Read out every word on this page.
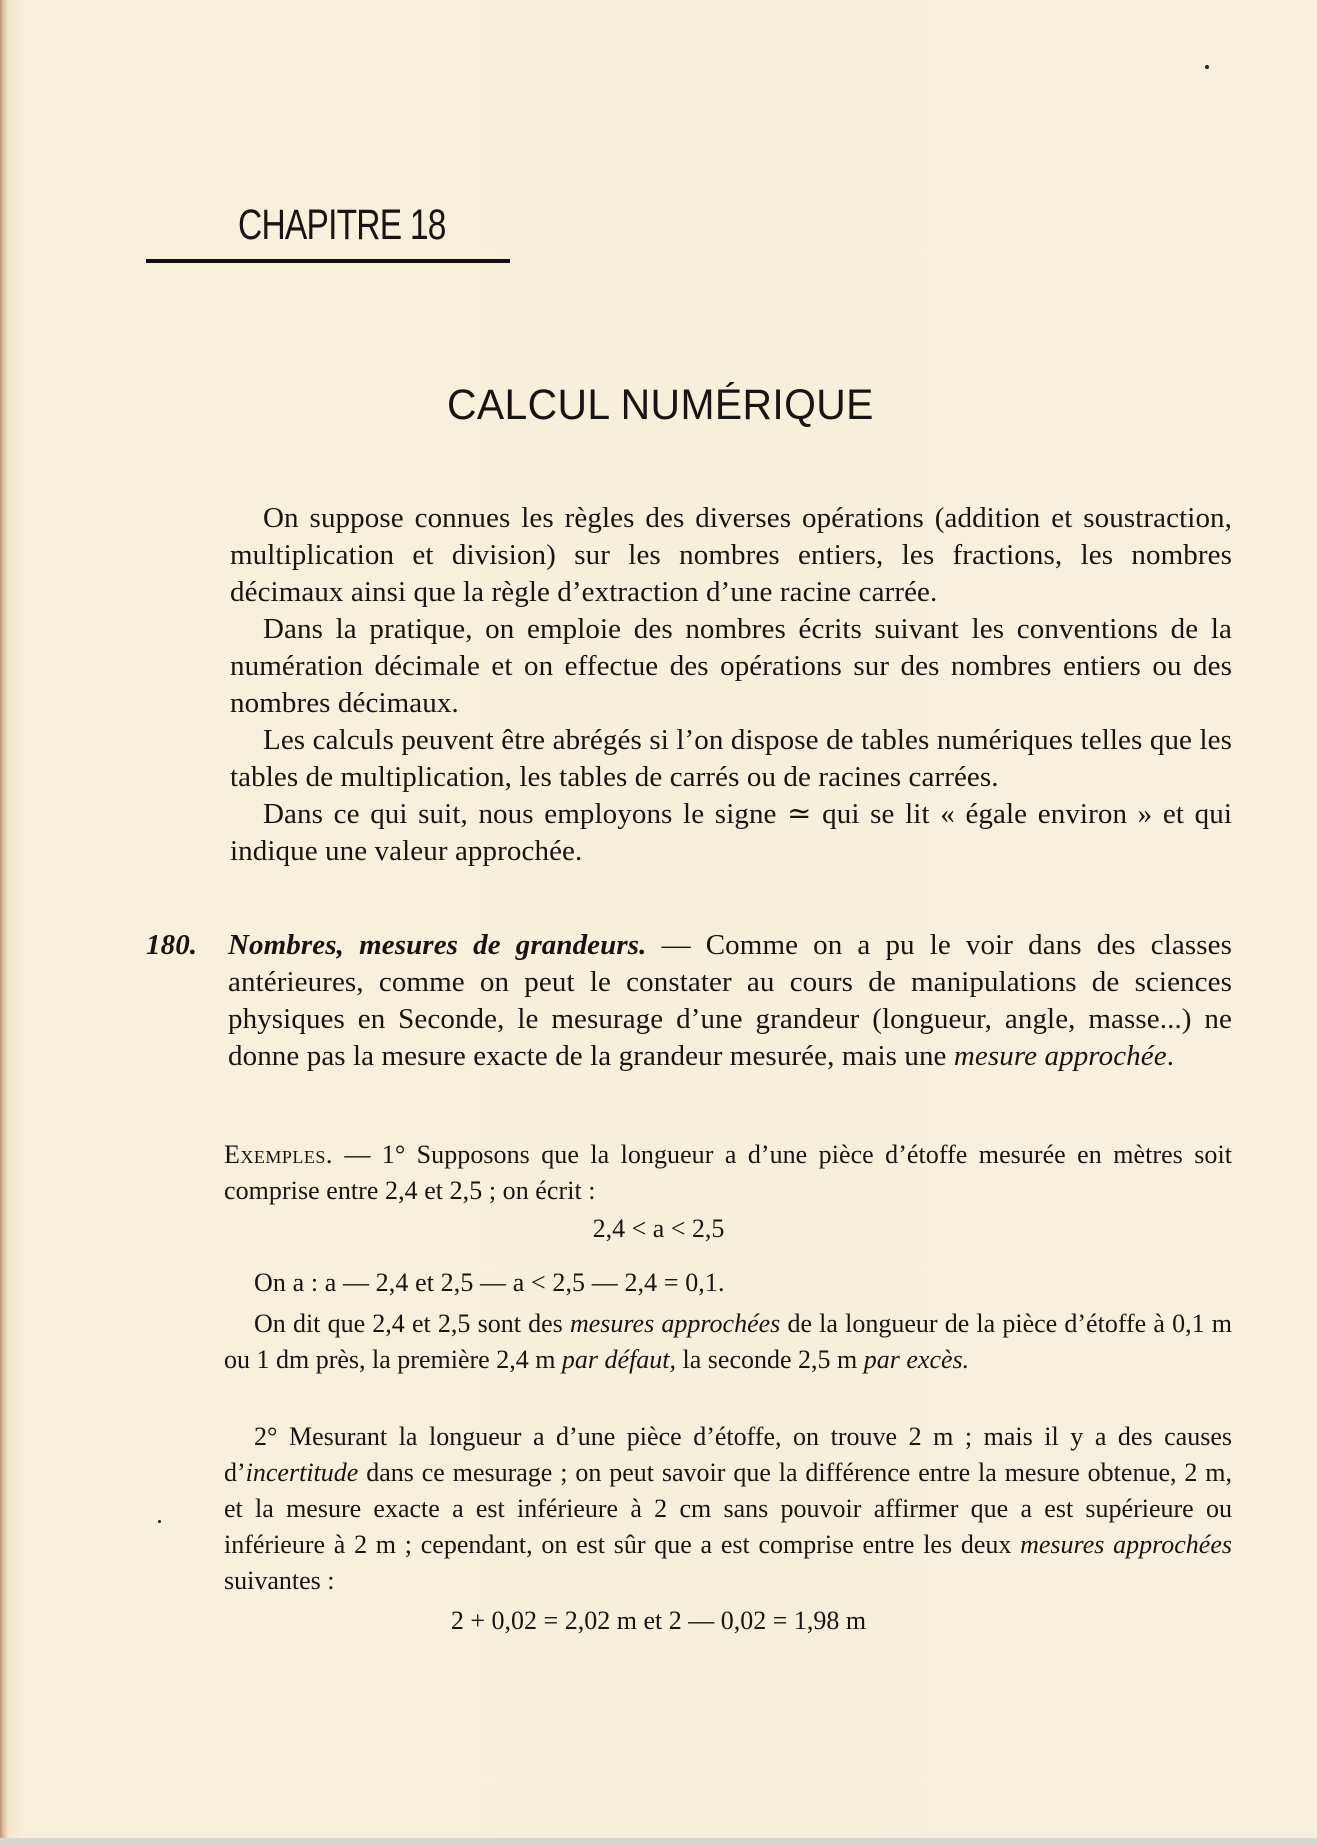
CHAPITRE 18
CALCUL NUMÉRIQUE

On suppose connues les règles des diverses opérations (addition et soustraction, multiplication et division) sur les nombres entiers, les fractions, les nombres décimaux ainsi que la règle d’extraction d’une racine carrée.

Dans la pratique, on emploie des nombres écrits suivant les conventions de la numération décimale et on effectue des opérations sur des nombres entiers ou des nombres décimaux.

Les calculs peuvent être abrégés si l’on dispose de tables numériques telles que les tables de multiplication, les tables de carrés ou de racines carrées.

Dans ce qui suit, nous employons le signe ≃ qui se lit « égale environ » et qui indique une valeur approchée.

180. Nombres, mesures de grandeurs. — Comme on a pu le voir dans des classes antérieures, comme on peut le constater au cours de manipulations de sciences physiques en Seconde, le mesurage d’une grandeur (longueur, angle, masse...) ne donne pas la mesure exacte de la grandeur mesurée, mais une mesure approchée.

Exemples. — 1° Supposons que la longueur a d’une pièce d’étoffe mesurée en mètres soit comprise entre 2,4 et 2,5 ; on écrit :

2,4 < a < 2,5
On a : a — 2,4 et 2,5 — a < 2,5 — 2,4 = 0,1.

On dit que 2,4 et 2,5 sont des mesures approchées de la longueur de la pièce d’étoffe à 0,1 m ou 1 dm près, la première 2,4 m par défaut, la seconde 2,5 m par excès.

2° Mesurant la longueur a d’une pièce d’étoffe, on trouve 2 m ; mais il y a des causes d’incertitude dans ce mesurage ; on peut savoir que la différence entre la mesure obtenue, 2 m, et la mesure exacte a est inférieure à 2 cm sans pouvoir affirmer que a est supérieure ou inférieure à 2 m ; cependant, on est sûr que a est comprise entre les deux mesures approchées suivantes :

2 + 0,02 = 2,02 m et 2 — 0,02 = 1,98 m
